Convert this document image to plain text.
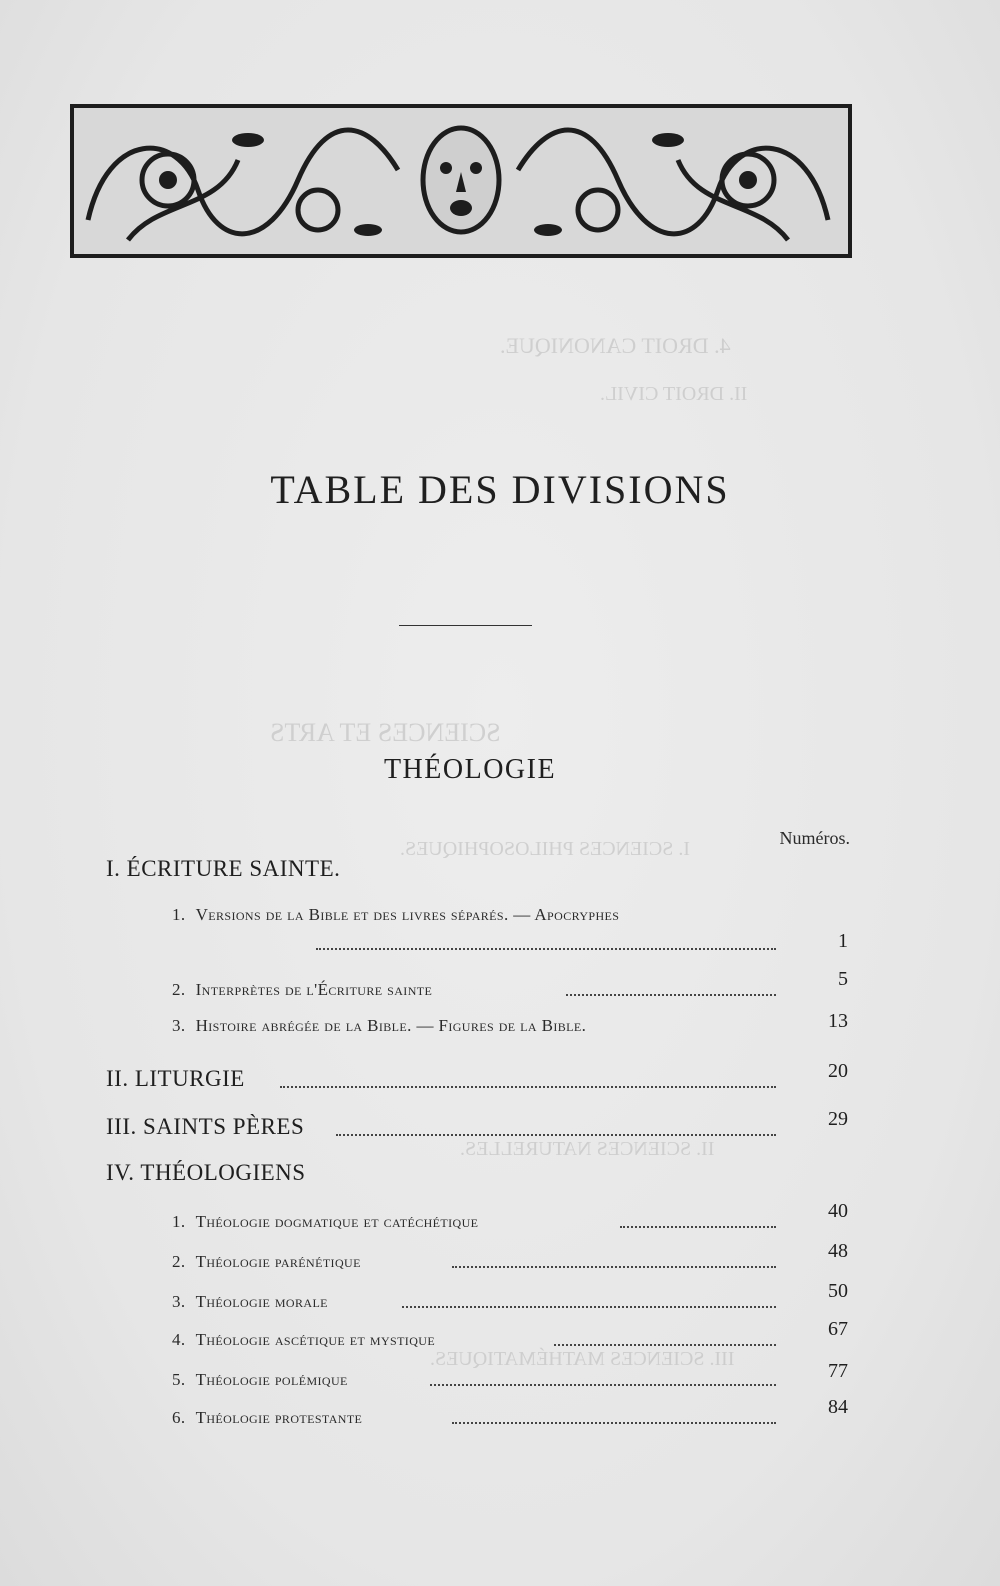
4. DROIT CANONIQUE.
II. DROIT CIVIL.
SCIENCES ET ARTS
I. SCIENCES PHILOSOPHIQUES.
II. SCIENCES NATURELLES.
III. SCIENCES MATHÉMATIQUES.
TABLE DES DIVISIONS
THÉOLOGIE
Numéros.
I. ÉCRITURE SAINTE.
1. Versions de la Bible et des livres séparés. — Apocryphes
1
2. Interprètes de l'Écriture sainte	5
3. Histoire abrégée de la Bible. — Figures de la Bible.	13
II. LITURGIE	20
III. SAINTS PÈRES	29
IV. THÉOLOGIENS
1. Théologie dogmatique et catéchétique	40
2. Théologie parénétique	48
3. Théologie morale	50
4. Théologie ascétique et mystique	67
5. Théologie polémique	77
6. Théologie protestante	84
